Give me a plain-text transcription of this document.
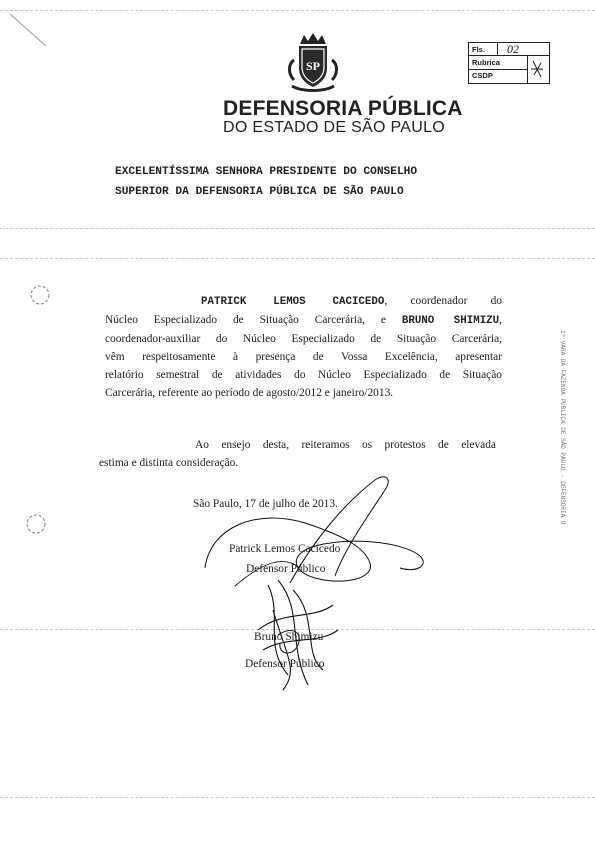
SP
DEFENSORIA PÚBLICA
DO ESTADO DE SÃO PAULO
Fls. 02
Rubrica
CSDP
EXCELENTÍSSIMA SENHORA PRESIDENTE DO CONSELHO
SUPERIOR DA DEFENSORIA PÚBLICA DE SÃO PAULO
PATRICK LEMOS CACICEDO, coordenador do
Núcleo Especializado de Situação Carcerária, e BRUNO SHIMIZU,
coordenador-auxiliar do Núcleo Especializado de Situação Carcerária,
vêm respeitosamente à presença de Vossa Excelência, apresentar
relatório semestral de atividades do Núcleo Especializado de Situação
Carcerária, referente ao período de agosto/2012 e janeiro/2013.
Ao ensejo desta, reiteramos os protestos de elevada
estima e distinta consideração.
São Paulo, 17 de julho de 2013.
Patrick Lemos Cacicedo
Defensor Público
Bruno Shimizu
Defensor Público
1ª VARA DA FAZENDA PÚBLICA DE SÃO PAULO - DEFENSORIA 9
